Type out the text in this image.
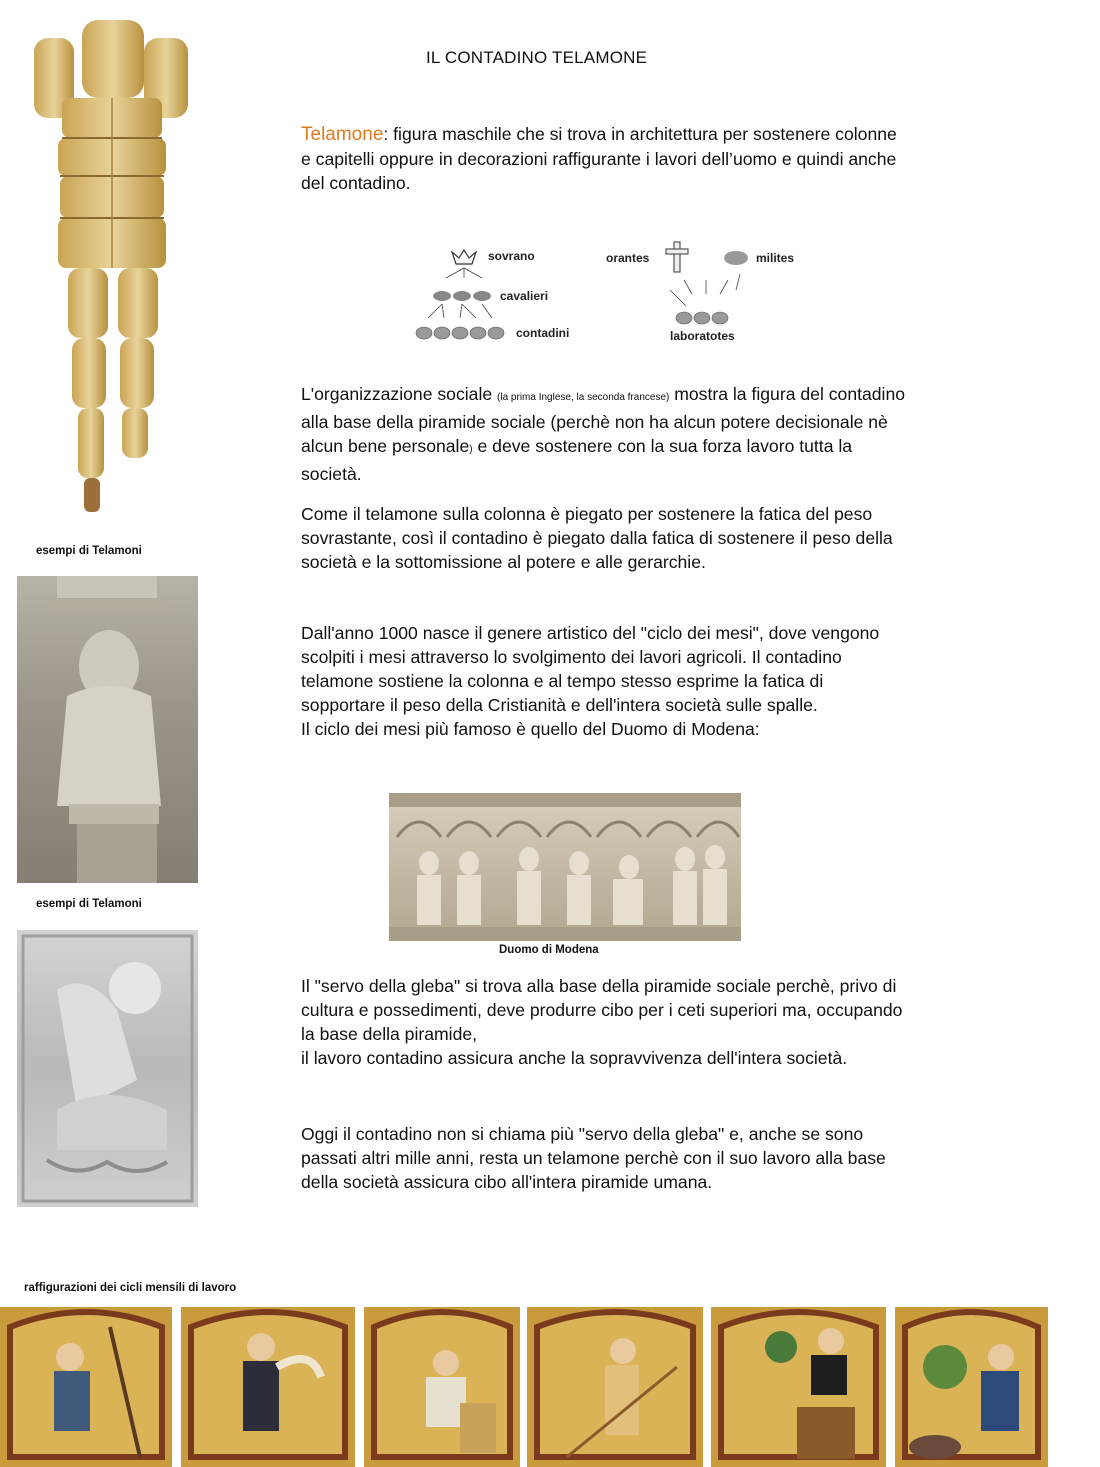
IL CONTADINO TELAMONE
Telamone: figura maschile che si trova in architettura per sostenere colonne e capitelli oppure in decorazioni raffigurante i lavori dell’uomo e quindi anche del contadino.
sovrano
cavalieri
contadini
orantes	milites
laboratotes
L'organizzazione sociale (la prima Inglese, la seconda francese) mostra la figura del contadino alla base della piramide sociale (perchè non ha alcun potere decisionale nè alcun bene personale) e deve sostenere con la sua forza lavoro tutta la società.
Come il telamone sulla colonna è piegato per sostenere la fatica del peso sovrastante, così il contadino è piegato dalla fatica di sostenere il peso della società e la sottomissione al potere e alle gerarchie.
Dall'anno 1000 nasce il genere artistico del "ciclo dei mesi", dove vengono scolpiti i mesi attraverso lo svolgimento dei lavori agricoli. Il contadino telamone sostiene la colonna e al tempo stesso esprime la fatica di sopportare il peso della Cristianità e dell'intera società sulle spalle.
Il ciclo dei mesi più famoso è quello del Duomo di Modena:
esempi di Telamoni
esempi di Telamoni
Duomo di Modena
Il "servo della gleba" si trova alla base della piramide sociale perchè, privo di cultura e possedimenti, deve produrre cibo per i ceti superiori ma, occupando la base della piramide,
il lavoro contadino assicura anche la sopravvivenza dell'intera società.
Oggi il contadino non si chiama più "servo della gleba" e, anche se sono passati altri mille anni, resta un telamone perchè con il suo lavoro alla base della società assicura cibo all'intera piramide umana.
raffigurazioni dei cicli mensili di lavoro
